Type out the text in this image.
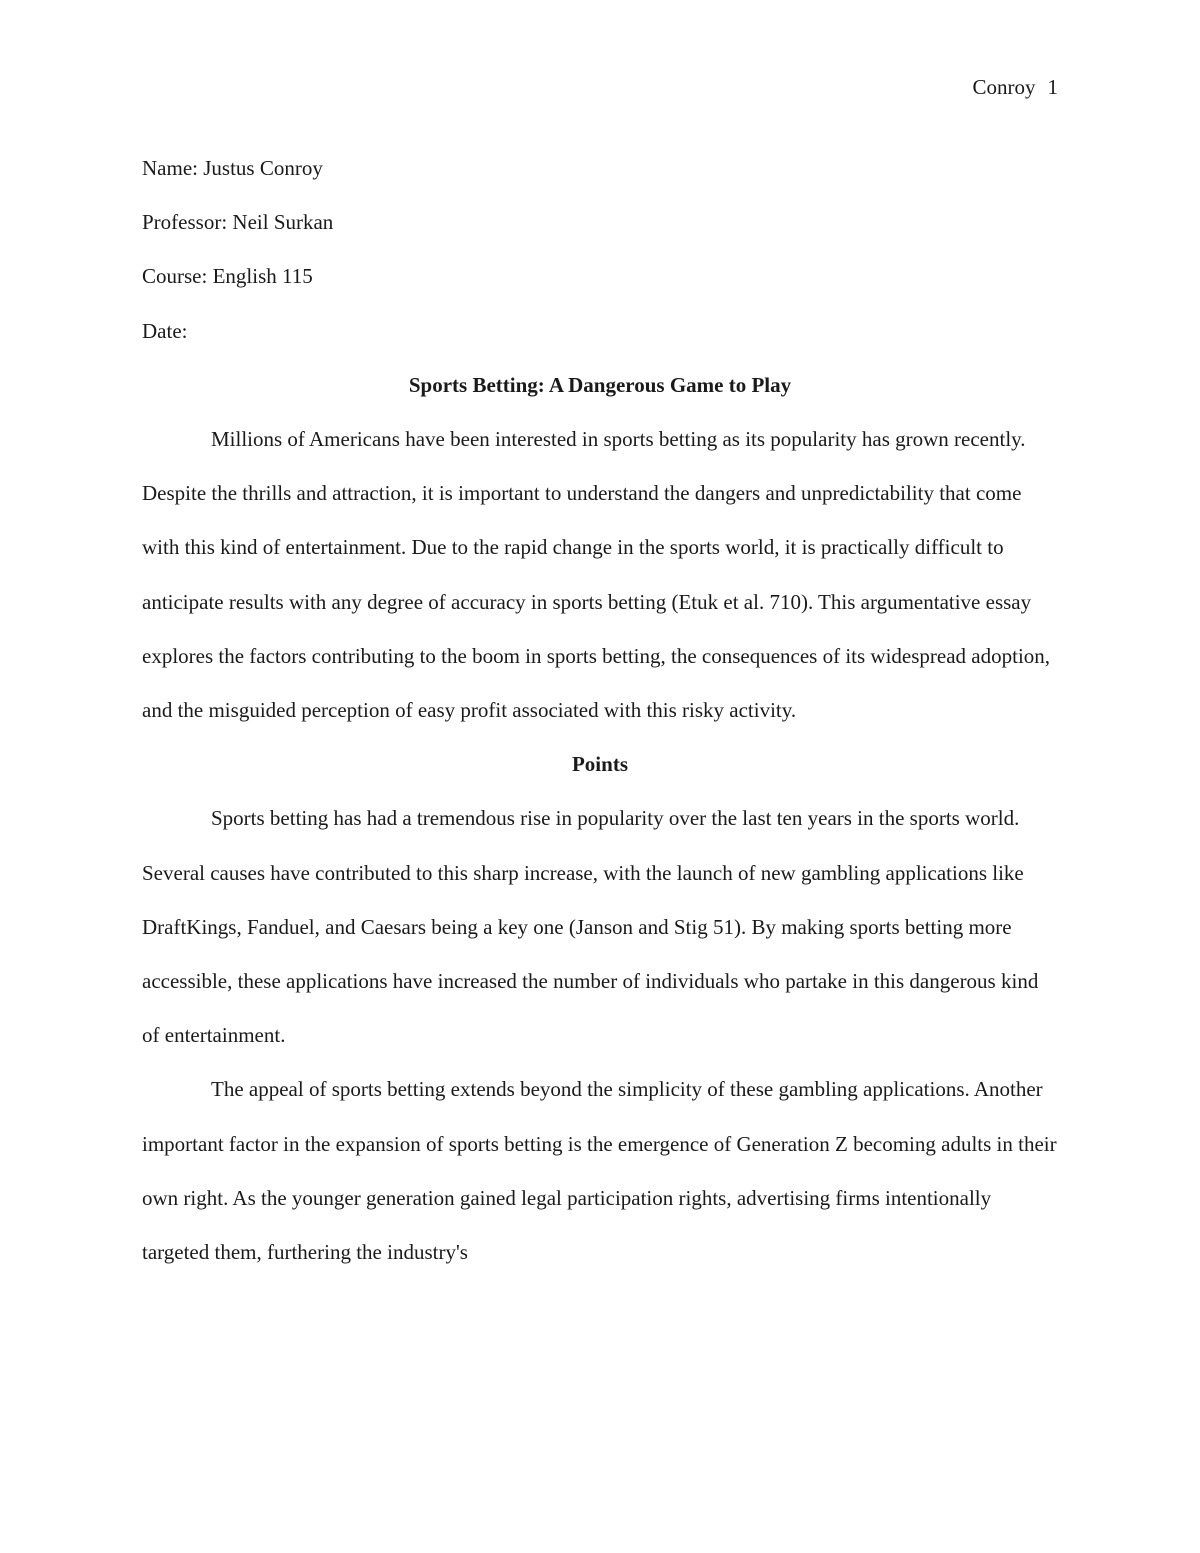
Conroy 1

Name: Justus Conroy

Professor: Neil Surkan

Course: English 115

Date:

Sports Betting: A Dangerous Game to Play

Millions of Americans have been interested in sports betting as its popularity has grown recently. Despite the thrills and attraction, it is important to understand the dangers and unpredictability that come with this kind of entertainment. Due to the rapid change in the sports world, it is practically difficult to anticipate results with any degree of accuracy in sports betting (Etuk et al. 710). This argumentative essay explores the factors contributing to the boom in sports betting, the consequences of its widespread adoption, and the misguided perception of easy profit associated with this risky activity.

Points

Sports betting has had a tremendous rise in popularity over the last ten years in the sports world. Several causes have contributed to this sharp increase, with the launch of new gambling applications like DraftKings, Fanduel, and Caesars being a key one (Janson and Stig 51). By making sports betting more accessible, these applications have increased the number of individuals who partake in this dangerous kind of entertainment.

The appeal of sports betting extends beyond the simplicity of these gambling applications. Another important factor in the expansion of sports betting is the emergence of Generation Z becoming adults in their own right. As the younger generation gained legal participation rights, advertising firms intentionally targeted them, furthering the industry's
